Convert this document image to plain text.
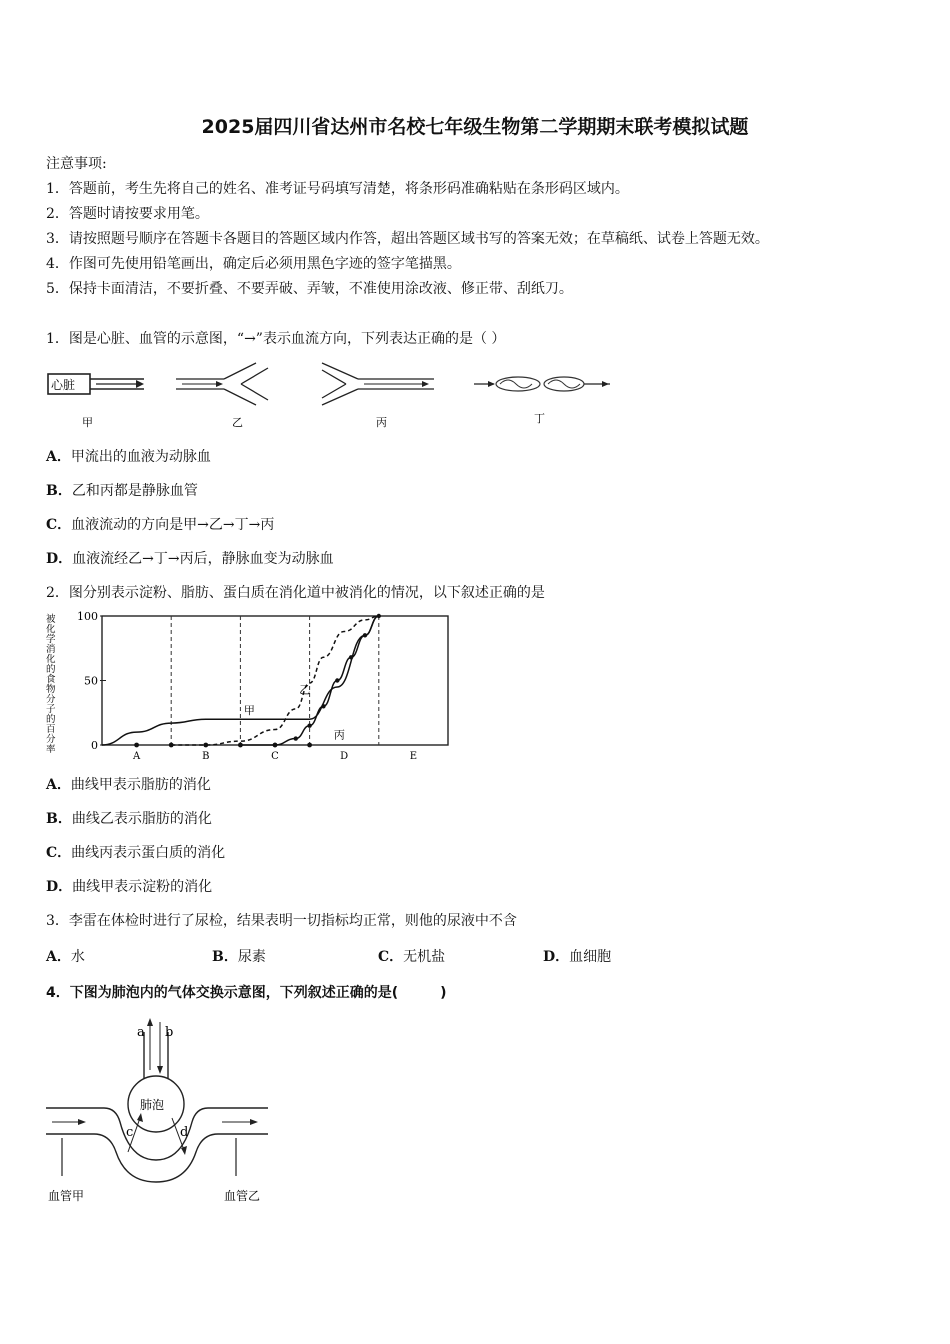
2025届四川省达州市名校七年级生物第二学期期末联考模拟试题
注意事项:
1．答题前，考生先将自己的姓名、准考证号码填写清楚，将条形码准确粘贴在条形码区域内。
2．答题时请按要求用笔。
3．请按照题号顺序在答题卡各题目的答题区域内作答，超出答题区域书写的答案无效；在草稿纸、试卷上答题无效。
4．作图可先使用铅笔画出，确定后必须用黑色字迹的签字笔描黑。
5．保持卡面清洁，不要折叠、不要弄破、弄皱，不准使用涂改液、修正带、刮纸刀。
1．图是心脏、血管的示意图，“→”表示血流方向，下列表达正确的是（ ）
心脏
甲	乙	丙	丁
A．甲流出的血液为动脉血
B．乙和丙都是静脉血管
C．血液流动的方向是甲→乙→丁→丙
D．血液流经乙→丁→丙后，静脉血变为动脉血
2．图分别表示淀粉、脂肪、蛋白质在消化道中被消化的情况，以下叙述正确的是
被
化
学
消
化
的
食
物
分
子
的
百
分
率	0
50
100
A	B	C	D	E
甲
乙
丙
A．曲线甲表示脂肪的消化
B．曲线乙表示脂肪的消化
C．曲线丙表示蛋白质的消化
D．曲线甲表示淀粉的消化
3．李雷在体检时进行了尿检，结果表明一切指标均正常，则他的尿液中不含
A．水	B．尿素	C．无机盐	D．血细胞
4．下图为肺泡内的气体交换示意图，下列叙述正确的是(　　　)
a b
肺泡
c	d
血管甲	血管乙
